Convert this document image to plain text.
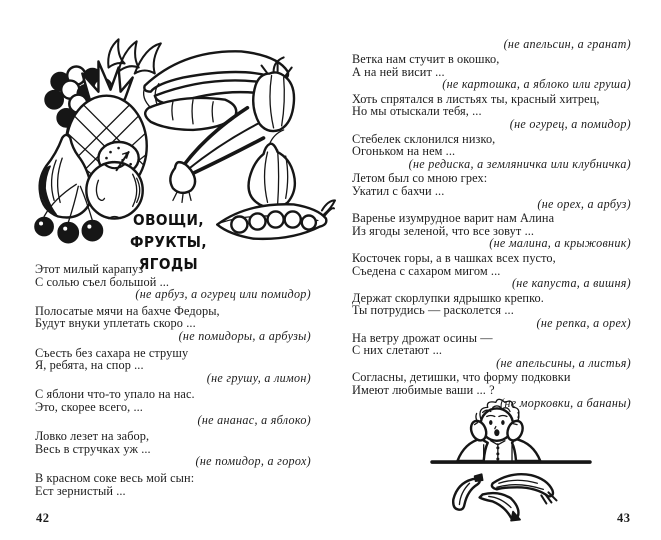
ОВОЩИ,
ФРУКТЫ, ЯГОДЫ
Этот милый карапуз
С солью съел большой ...
(не арбуз, а огурец или помидор)
Полосатые мячи на бахче Федоры,
Будут внуки уплетать скоро ...
(не помидоры, а арбузы)
Съесть без сахара не струшу
Я, ребята, на спор ...
(не грушу, а лимон)
С яблони что-то упало на нас.
Это, скорее всего, ...
(не ананас, а яблоко)
Ловко лезет на забор,
Весь в стручках уж ...
(не помидор, а горох)
В красном соке весь мой сын:
Ест зернистый ...
(не апельсин, а гранат)
Ветка нам стучит в окошко,
А на ней висит ...
(не картошка, а яблоко или груша)
Хоть спрятался в листьях ты, красный хитрец,
Но мы отыскали тебя, ...
(не огурец, а помидор)
Стебелек склонился низко,
Огоньком на нем ...
(не редиска, а земляничка или клубничка)
Летом был со мною грех:
Укатил с бахчи ...
(не орех, а арбуз)
Варенье изумрудное варит нам Алина
Из ягоды зеленой, что все зовут ...
(не малина, а крыжовник)
Косточек горы, а в чашках всех пусто,
Съедена с сахаром мигом ...
(не капуста, а вишня)
Держат скорлупки ядрышко крепко.
Ты потрудись — расколется ...
(не репка, а орех)
На ветру дрожат осины —
С них слетают ...
(не апельсины, а листья)
Согласны, детишки, что форму подковки
Имеют любимые ваши ... ?
(не морковки, а бананы)
42	43
